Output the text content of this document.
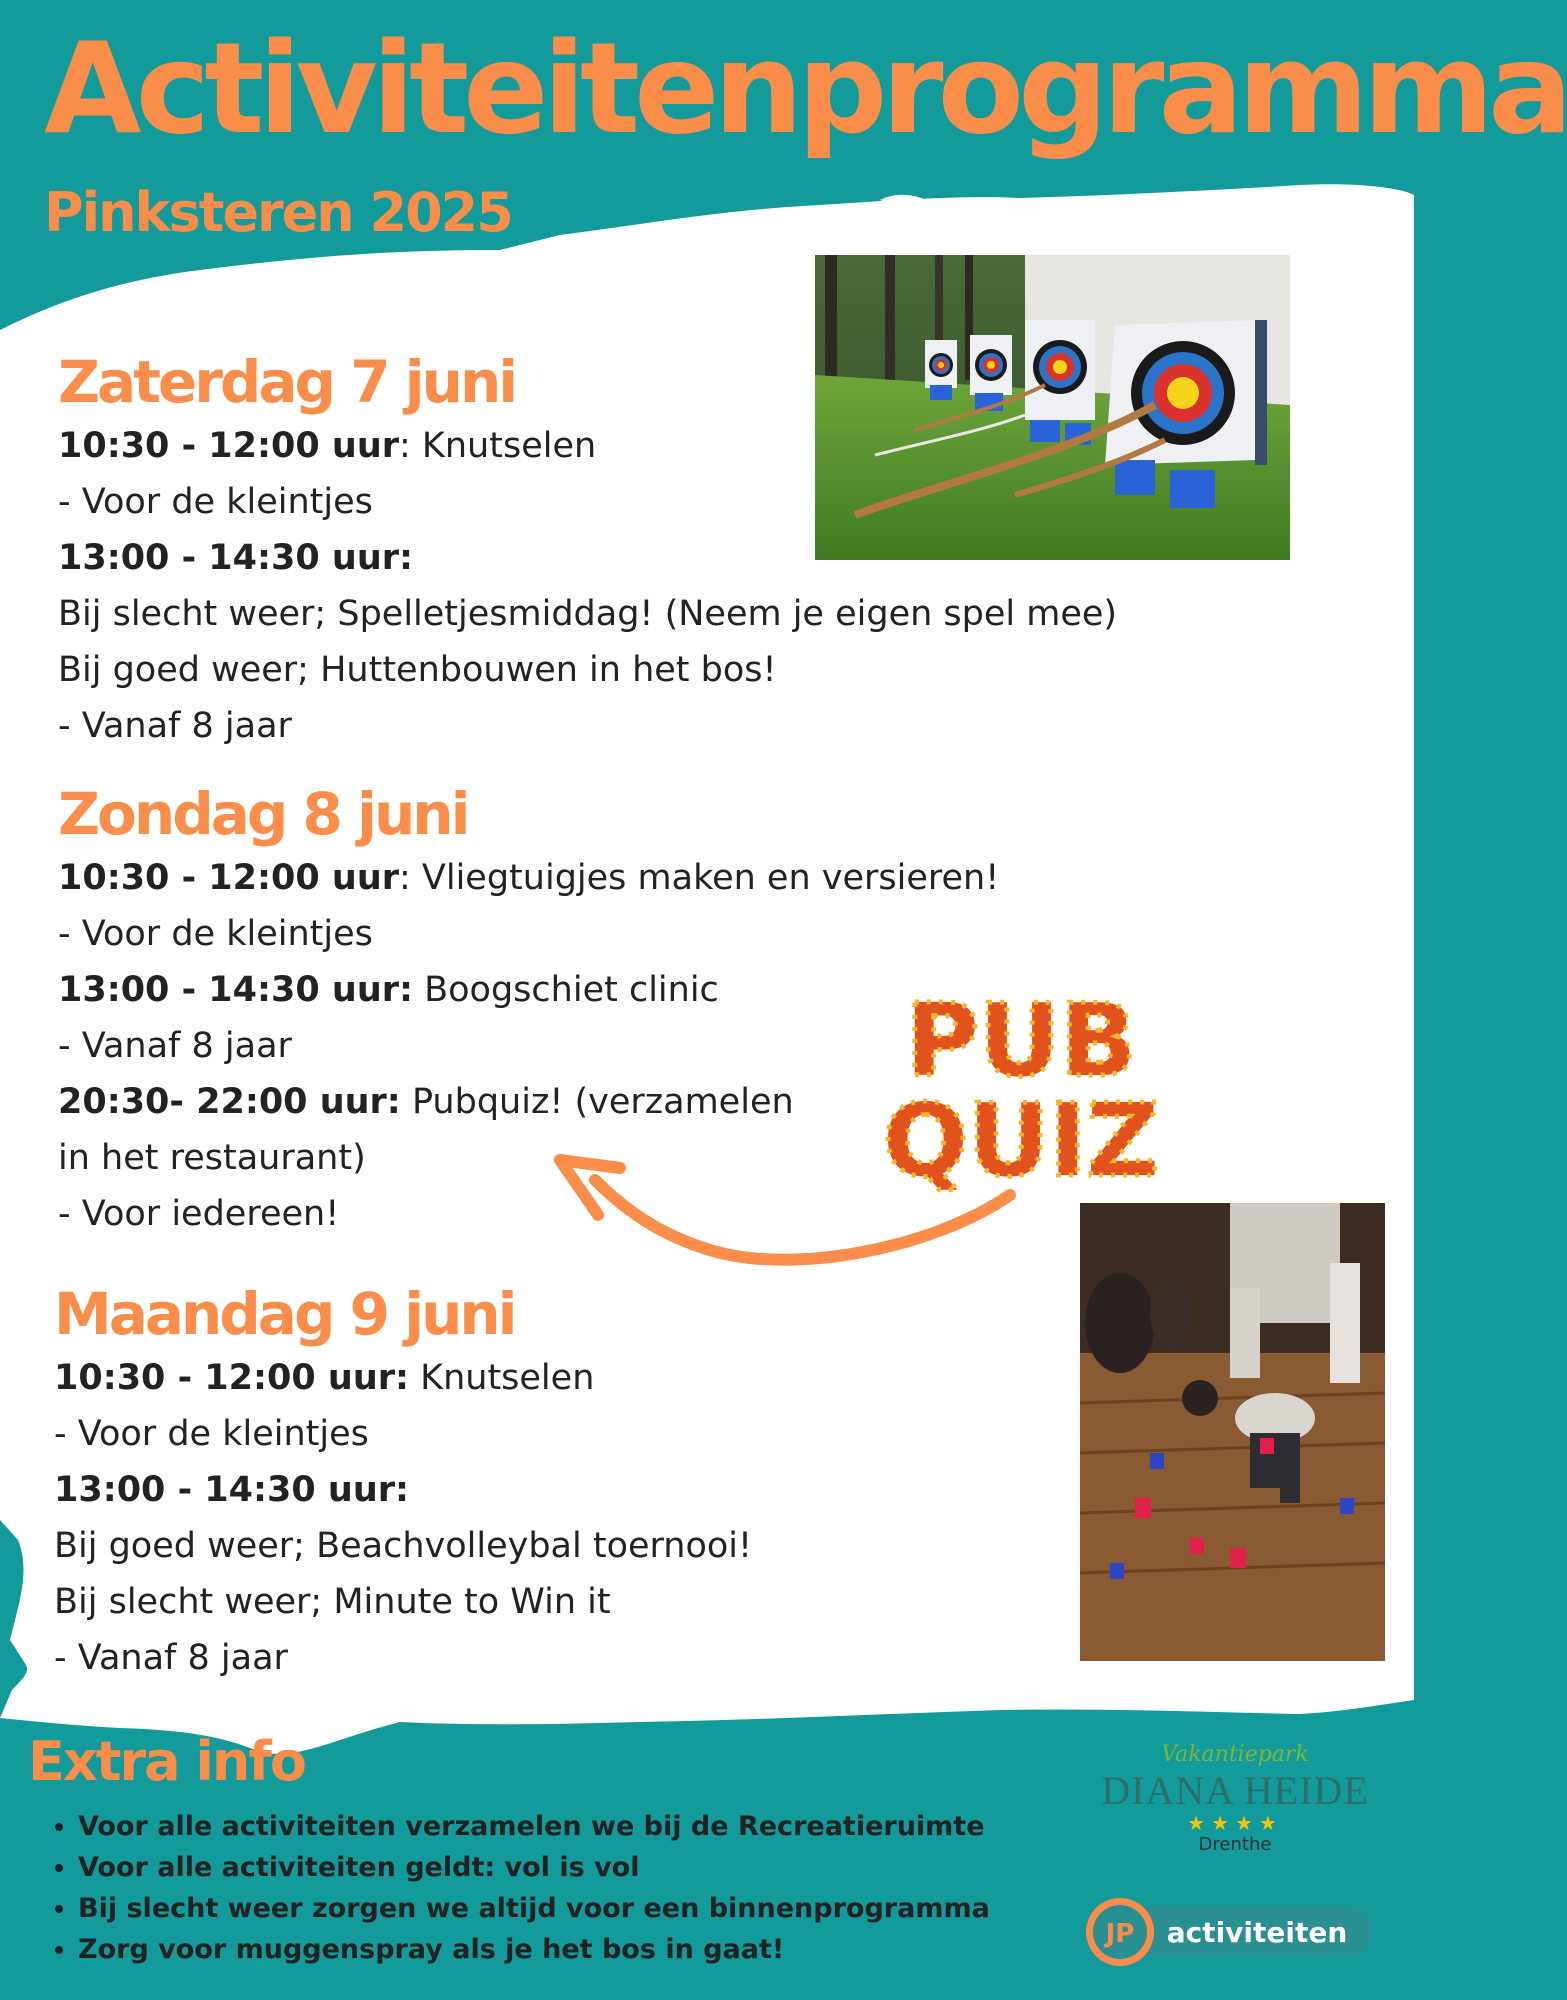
Activiteitenprogramma
Pinksteren 2025
Zaterdag 7 juni
10:30 - 12:00 uur: Knutselen
- Voor de kleintjes
13:00 - 14:30 uur:
Bij slecht weer; Spelletjesmiddag! (Neem je eigen spel mee)
Bij goed weer; Huttenbouwen in het bos!
- Vanaf 8 jaar
Zondag 8 juni
10:30 - 12:00 uur: Vliegtuigjes maken en versieren!
- Voor de kleintjes
13:00 - 14:30 uur: Boogschiet clinic
- Vanaf 8 jaar
20:30- 22:00 uur: Pubquiz! (verzamelen
in het restaurant)
- Voor iedereen!
Maandag 9 juni
10:30 - 12:00 uur: Knutselen
- Voor de kleintjes
13:00 - 14:30 uur:
Bij goed weer; Beachvolleybal toernooi!
Bij slecht weer; Minute to Win it
- Vanaf 8 jaar
PUB
QUIZ
Extra info
• Voor alle activiteiten verzamelen we bij de Recreatieruimte
• Voor alle activiteiten geldt: vol is vol
• Bij slecht weer zorgen we altijd voor een binnenprogramma
• Zorg voor muggenspray als je het bos in gaat!
Vakantiepark
DIANA HEIDE
★★★★
Drenthe
JP activiteiten
